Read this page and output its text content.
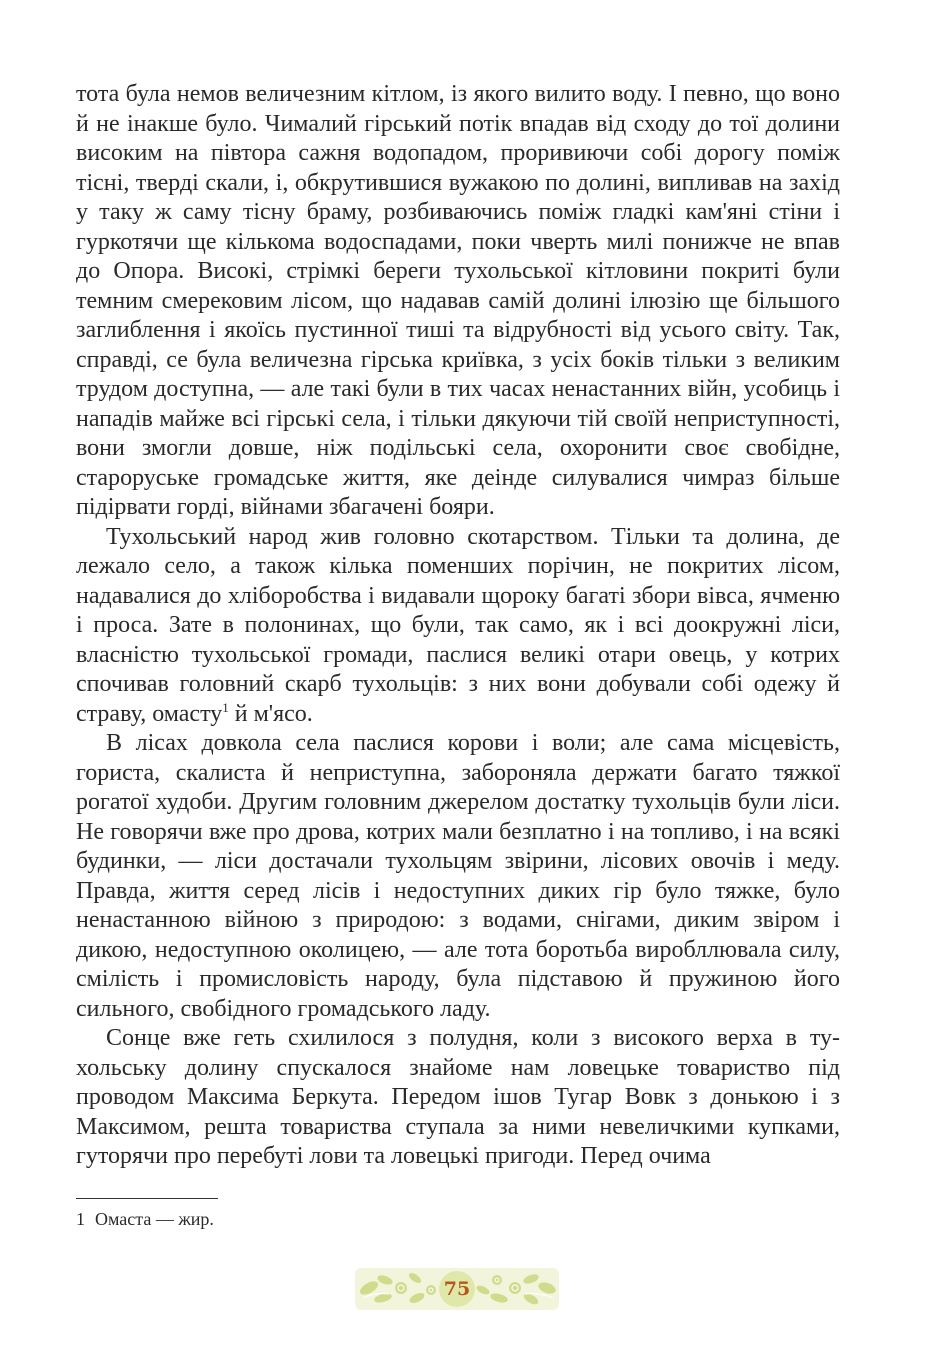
тота була немов величезним кітлом, із якого вилито воду. І певно, що воно й не інакше було. Чималий гірський потік впадав від сходу до тої долини високим на півтора сажня водопадом, проривиючи собі дорогу поміж тісні, тверді скали, і, обкрутившися вужакою по долині, випливав на захід у таку ж саму тісну браму, розбиваючись поміж гладкі кам'яні стіни і гуркотячи ще кількома водоспадами, поки чверть милі понижче не впав до Опора. Високі, стрімкі береги тухольської кітловини покриті були темним смерековим лісом, що надавав самій долині ілюзію ще більшого заглиблення і якоїсь пустинної тиші та відрубності від усього світу. Так, справді, се була величезна гірська криївка, з усіх боків тільки з великим трудом доступна, — але такі були в тих часах ненастанних війн, усобиць і нападів майже всі гірські села, і тільки дякуючи тій своїй неприступності, вони змогли довше, ніж подільські села, охоронити своє свобідне, староруське громадське життя, яке деінде силувалися чимраз більше підірвати горді, війнами збагачені бояри.

Тухольський народ жив головно скотарством. Тільки та долина, де лежало село, а також кілька поменших порічин, не покритих лісом, надавалися до хліборобства і видавали щороку багаті збори вівса, ячменю і проса. Зате в полонинах, що були, так само, як і всі доокружні ліси, власністю тухольської громади, паслися великі отари овець, у котрих спочивав головний скарб тухольців: з них вони добували собі одежу й страву, омасту$^1$ й м'ясо.

В лісах довкола села паслися корови і воли; але сама місцевість, гориста, скалиста й неприступна, забороняла держати багато тяжкої рогатої худоби. Другим головним джерелом достатку тухольців були ліси. Не говорячи вже про дрова, котрих мали безплатно і на топливо, і на всякі будинки, — ліси достачали тухольцям звірини, лісових овочів і меду. Правда, життя серед лісів і недоступних диких гір було тяжке, було ненастанною війною з природою: з водами, снігами, диким звіром і дикою, недоступною околицею, — але тота боротьба виробллювала силу, смілість і промисловість народу, була підставою й пружиною його сильного, свобідного громадського ладу.

Сонце вже геть схилилося з полудня, коли з високого верха в тухольську долину спускалося знайоме нам ловецьке товариство під проводом Максима Беркута. Передом ішов Тугар Вовк з донькою і з Максимом, решта товариства ступала за ними невеличкими купками, гуторячи про перебуті лови та ловецькі пригоди. Перед очима

1 Омаста — жир.
75
